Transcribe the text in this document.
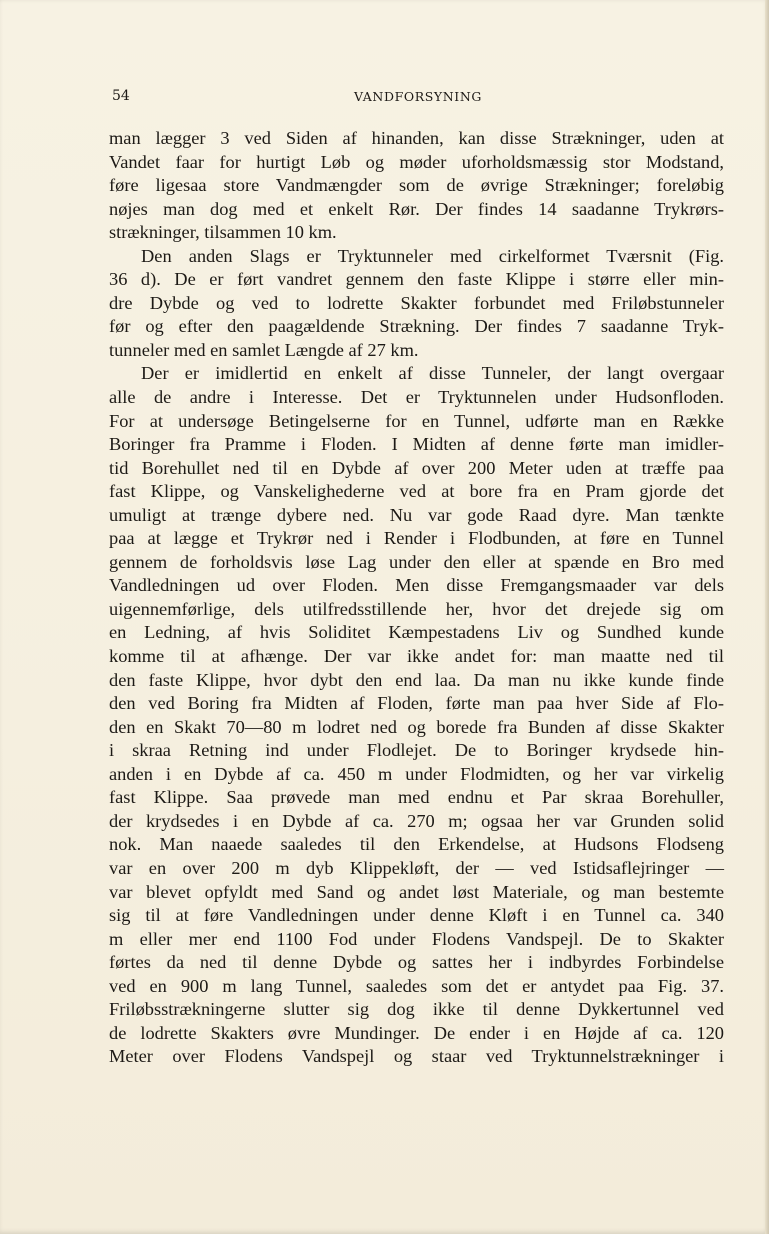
54	VANDFORSYNING
man lægger 3 ved Siden af hinanden, kan disse Strækninger, uden at
Vandet faar for hurtigt Løb og møder uforholdsmæssig stor Modstand,
føre ligesaa store Vandmængder som de øvrige Strækninger; foreløbig
nøjes man dog med et enkelt Rør. Der findes 14 saadanne Trykrørs-
strækninger, tilsammen 10 km.
Den anden Slags er Tryktunneler med cirkelformet Tværsnit (Fig.
36 d). De er ført vandret gennem den faste Klippe i større eller min-
dre Dybde og ved to lodrette Skakter forbundet med Friløbstunneler
før og efter den paagældende Strækning. Der findes 7 saadanne Tryk-
tunneler med en samlet Længde af 27 km.
Der er imidlertid en enkelt af disse Tunneler, der langt overgaar
alle de andre i Interesse. Det er Tryktunnelen under Hudsonfloden.
For at undersøge Betingelserne for en Tunnel, udførte man en Række
Boringer fra Pramme i Floden. I Midten af denne førte man imidler-
tid Borehullet ned til en Dybde af over 200 Meter uden at træffe paa
fast Klippe, og Vanskelighederne ved at bore fra en Pram gjorde det
umuligt at trænge dybere ned. Nu var gode Raad dyre. Man tænkte
paa at lægge et Trykrør ned i Render i Flodbunden, at føre en Tunnel
gennem de forholdsvis løse Lag under den eller at spænde en Bro med
Vandledningen ud over Floden. Men disse Fremgangsmaader var dels
uigennemførlige, dels utilfredsstillende her, hvor det drejede sig om
en Ledning, af hvis Soliditet Kæmpestadens Liv og Sundhed kunde
komme til at afhænge. Der var ikke andet for: man maatte ned til
den faste Klippe, hvor dybt den end laa. Da man nu ikke kunde finde
den ved Boring fra Midten af Floden, førte man paa hver Side af Flo-
den en Skakt 70—80 m lodret ned og borede fra Bunden af disse Skakter
i skraa Retning ind under Flodlejet. De to Boringer krydsede hin-
anden i en Dybde af ca. 450 m under Flodmidten, og her var virkelig
fast Klippe. Saa prøvede man med endnu et Par skraa Borehuller,
der krydsedes i en Dybde af ca. 270 m; ogsaa her var Grunden solid
nok. Man naaede saaledes til den Erkendelse, at Hudsons Flodseng
var en over 200 m dyb Klippekløft, der — ved Istidsaflejringer —
var blevet opfyldt med Sand og andet løst Materiale, og man bestemte
sig til at føre Vandledningen under denne Kløft i en Tunnel ca. 340
m eller mer end 1100 Fod under Flodens Vandspejl. De to Skakter
førtes da ned til denne Dybde og sattes her i indbyrdes Forbindelse
ved en 900 m lang Tunnel, saaledes som det er antydet paa Fig. 37.
Friløbsstrækningerne slutter sig dog ikke til denne Dykkertunnel ved
de lodrette Skakters øvre Mundinger. De ender i en Højde af ca. 120
Meter over Flodens Vandspejl og staar ved Tryktunnelstrækninger i
